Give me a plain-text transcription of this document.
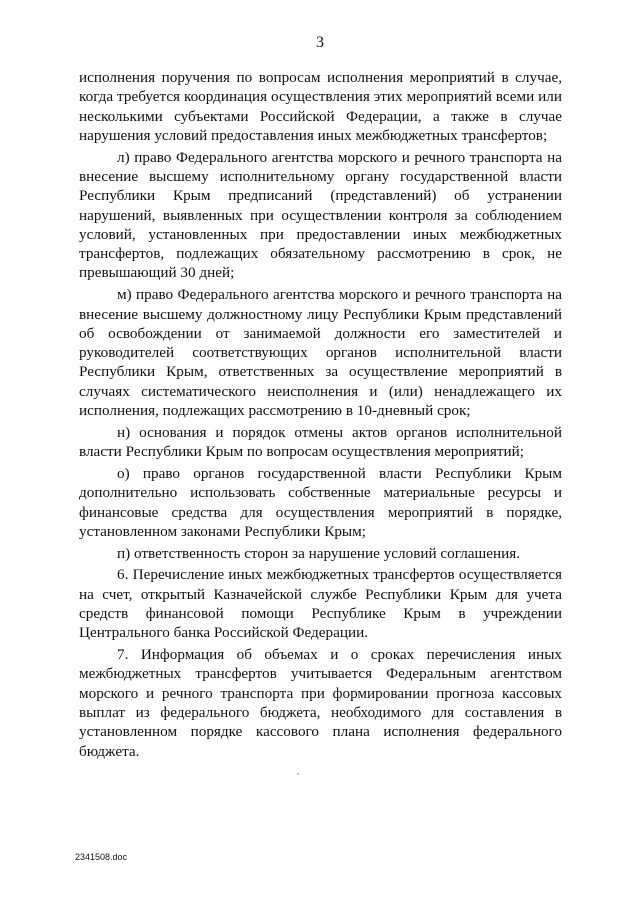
3

исполнения поручения по вопросам исполнения мероприятий в случае, когда требуется координация осуществления этих мероприятий всеми или несколькими субъектами Российской Федерации, а также в случае нарушения условий предоставления иных межбюджетных трансфертов;

л) право Федерального агентства морского и речного транспорта на внесение высшему исполнительному органу государственной власти Республики Крым предписаний (представлений) об устранении нарушений, выявленных при осуществлении контроля за соблюдением условий, установленных при предоставлении иных межбюджетных трансфертов, подлежащих обязательному рассмотрению в срок, не превышающий 30 дней;

м) право Федерального агентства морского и речного транспорта на внесение высшему должностному лицу Республики Крым представлений об освобождении от занимаемой должности его заместителей и руководителей соответствующих органов исполнительной власти Республики Крым, ответственных за осуществление мероприятий в случаях систематического неисполнения и (или) ненадлежащего их исполнения, подлежащих рассмотрению в 10-дневный срок;

н) основания и порядок отмены актов органов исполнительной власти Республики Крым по вопросам осуществления мероприятий;

о) право органов государственной власти Республики Крым дополнительно использовать собственные материальные ресурсы и финансовые средства для осуществления мероприятий в порядке, установленном законами Республики Крым;

п) ответственность сторон за нарушение условий соглашения.

6. Перечисление иных межбюджетных трансфертов осуществляется на счет, открытый Казначейской службе Республики Крым для учета средств финансовой помощи Республике Крым в учреждении Центрального банка Российской Федерации.

7. Информация об объемах и о сроках перечисления иных межбюджетных трансфертов учитывается Федеральным агентством морского и речного транспорта при формировании прогноза кассовых выплат из федерального бюджета, необходимого для составления в установленном порядке кассового плана исполнения федерального бюджета.

2341508.doc
